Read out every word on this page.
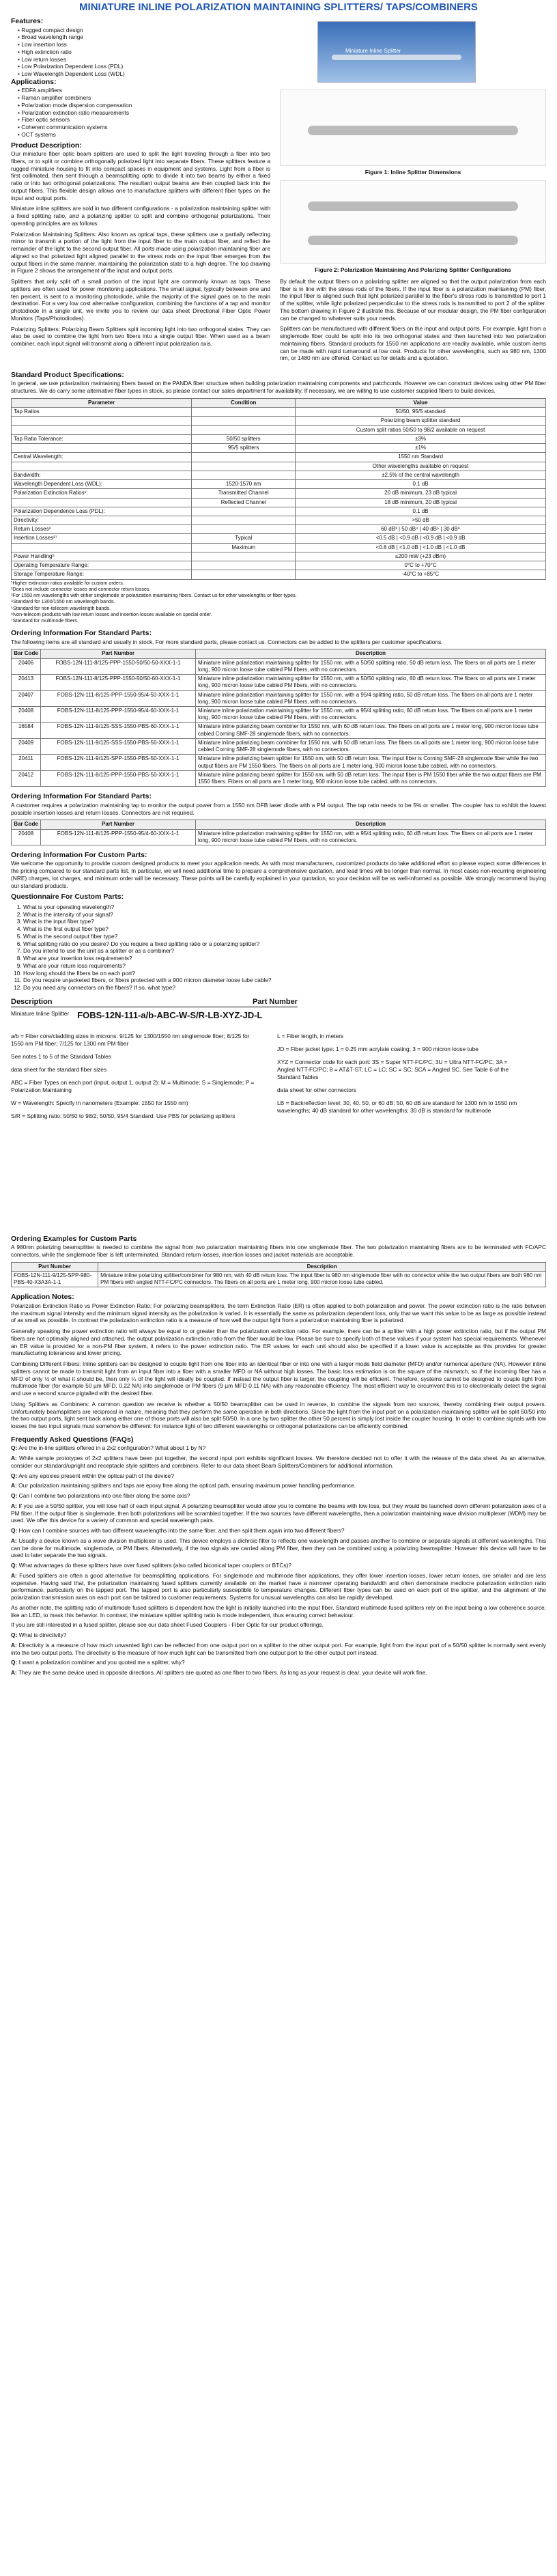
MINIATURE INLINE POLARIZATION MAINTAINING SPLITTERS/ TAPS/COMBINERS
Features:
• Rugged compact design
• Broad wavelength range
• Low insertion loss
• High extinction ratio
• Low return losses
• Low Polarization Dependent Loss (PDL)
• Low Wavelength Dependent Loss (WDL)
Applications:
• EDFA amplifiers
• Raman amplifier combiners
• Polarization mode dispersion compensation
• Polarization extinction ratio measurements
• Fiber optic sensors
• Coherent communication systems
• OCT systems
Product Description:

Our miniature fiber optic beam splitters are used to split the light traveling through a fiber into two fibers, or to split or combine orthogonally polarized light into separate fibers. These splitters feature a rugged miniature housing to fit into compact spaces in equipment and systems. Light from a fiber is first collimated, then sent through a beamsplitting optic to divide it into two beams by either a fixed ratio or into two orthogonal polarizations. The resultant output beams are then coupled back into the output fibers. This flexible design allows one to manufacture splitters with different fiber types on the input and output ports.

Miniature inline splitters are sold in two different configurations - a polarization maintaining splitter with a fixed splitting ratio, and a polarizing splitter to split and combine orthogonal polarizations. Their operating principles are as follows:

Polarization Maintaining Splitters: Also known as optical taps, these splitters use a partially reflecting mirror to transmit a portion of the light from the input fiber to the main output fiber, and reflect the remainder of the light to the second output fiber. All ports made using polarization maintaining fiber are aligned so that polarized light aligned parallel to the stress rods on the input fiber emerges from the output fibers in the same manner, maintaining the polarization state to a high degree. The top drawing in Figure 2 shows the arrangement of the input and output ports.

Splitters that only split off a small portion of the input light are commonly known as taps. These splitters are often used for power monitoring applications. The small signal, typically between one and ten percent, is sent to a monitoring photodiode, while the majority of the signal goes on to the main destination. For a very low cost alternative configuration, combining the functions of a tap and monitor photodiode in a single unit, we invite you to review our data sheet Directional Fiber Optic Power Monitors (Taps/Photodiodes).

Polarizing Splitters: Polarizing Beam Splitters split incoming light into two orthogonal states. They can also be used to combine the light from two fibers into a single output fiber. When used as a beam combiner, each input signal will transmit along a different input polarization axis.

Miniature Inline Splitter
Figure 1: Inline Splitter Dimensions
Figure 2: Polarization Maintaining And Polarizing Splitter Configurations

By default the output fibers on a polarizing splitter are aligned so that the output polarization from each fiber is in line with the stress rods of the fibers. If the input fiber is a polarization maintaining (PM) fiber, the input fiber is aligned such that light polarized parallel to the fiber's stress rods is transmitted to port 1 of the splitter, while light polarized perpendicular to the stress rods is transmitted to port 2 of the splitter. The bottom drawing in Figure 2 illustrate this. Because of our modular design, the PM fiber configuration can be changed to whatever suits your needs.

Splitters can be manufactured with different fibers on the input and output ports. For example, light from a singlemode fiber could be split into its two orthogonal states and then launched into two polarization maintaining fibers. Standard products for 1550 nm applications are readily available, while custom items can be made with rapid turnaround at low cost. Products for other wavelengths, such as 980 nm, 1300 nm, or 1480 nm are offered. Contact us for details and a quotation.

Standard Product Specifications:

In general, we use polarization maintaining fibers based on the PANDA fiber structure when building polarization maintaining components and patchcords. However we can construct devices using other PM fiber structures. We do carry some alternative fiber types in stock, so please contact our sales department for availability. If necessary, we are willing to use customer supplied fibers to build devices.

Parameter	Condition	Value
Tap Ratios		50/50, 95/5 standard
		Polarizing beam splitter standard
		Custom split ratios 50/50 to 98/2 available on request
Tap Ratio Tolerance:	50/50 splitters	±3%
	95/5 splitters	±1%
Central Wavelength:		1550 nm Standard
		Other wavelengths available on request
Bandwidth:		±2.5% of the central wavelength
Wavelength Dependent Loss (WDL):	1520-1570 nm	0.1 dB
Polarization Extinction Ratios¹:	Transmitted Channel	20 dB minimum, 23 dB typical
	Reflected Channel	18 dB minimum, 20 dB typical
Polarization Dependence Loss (PDL):		0.1 dB
Directivity:		>50 dB
Return Losses²		60 dB³ | 50 dB⁴ | 40 dB⁵ | 30 dB⁶
Insertion Losses²⁷	Typical	<0.5 dB | <0.9 dB | <0.9 dB | <0.9 dB
	Maximum	<0.8 dB | <1.0 dB | <1.0 dB | <1.0 dB
Power Handling⁸		≤200 mW (+23 dBm)
Operating Temperature Range:		0°C to +70°C
Storage Temperature Range:		-40°C to +85°C
¹Higher extinction ratios available for custom orders.
²Does not include connector losses and connector return losses.
³For 1550 nm wavelengths with either singlemode or polarization maintaining fibers. Contact us for other wavelengths or fiber types.
⁴Standard for 1300/1550 nm wavelength bands.
⁵Standard for non-telecom wavelength bands.
⁶Non-telecom products with low return losses and insertion losses available on special order.
⁷Standard for multimode fibers.
Ordering Information For Standard Parts:

The following items are all standard and usually in stock. For more standard parts, please contact us. Connectors can be added to the splitters per customer specifications.

Bar Code	Part Number	Description
20406	FOBS-12N-111-8/125-PPP-1550-50/50-50-XXX-1-1	Miniature inline polarization maintaining splitter for 1550 nm, with a 50/50 splitting ratio, 50 dB return loss. The fibers on all ports are 1 meter long, 900 micron loose tube cabled PM fibers, with no connectors.
20413	FOBS-12N-111-8/125-PPP-1550-50/50-60-XXX-1-1	Miniature inline polarization maintaining splitter for 1550 nm, with a 50/50 splitting ratio, 60 dB return loss. The fibers on all ports are 1 meter long, 900 micron loose tube cabled PM fibers, with no connectors.
20407	FOBS-12N-111-8/125-PPP-1550-95/4-50-XXX-1-1	Miniature inline polarization maintaining splitter for 1550 nm, with a 95/4 splitting ratio, 50 dB return loss. The fibers on all ports are 1 meter long, 900 micron loose tube cabled PM fibers, with no connectors.
20408	FOBS-12N-111-8/125-PPP-1550-95/4-60-XXX-1-1	Miniature inline polarization maintaining splitter for 1550 nm, with a 95/4 splitting ratio, 60 dB return loss. The fibers on all ports are 1 meter long, 900 micron loose tube cabled PM fibers, with no connectors.
16584	FOBS-12N-111-9/125-SSS-1550-PBS-60-XXX-1-1	Miniature inline polarizing beam combiner for 1550 nm, with 60 dB return loss. The fibers on all ports are 1 meter long, 900 micron loose tube cabled Corning SMF-28 singlemode fibers, with no connectors.
20409	FOBS-12N-111-9/125-SSS-1550-PBS-50-XXX-1-1	Miniature inline polarizing beam combiner for 1550 nm, with 50 dB return loss. The fibers on all ports are 1 meter long, 900 micron loose tube cabled Corning SMF-28 singlemode fibers, with no connectors.
20411	FOBS-12N-111-9/125-SPP-1550-PBS-50-XXX-1-1	Miniature inline polarizing beam splitter for 1550 nm, with 50 dB return loss. The input fiber is Corning SMF-28 singlemode fiber while the two output fibers are PM 1550 fibers. The fibers on all ports are 1 meter long, 900 micron loose tube cabled, with no connectors.
20412	FOBS-12N-111-8/125-PPP-1550-PBS-50-XXX-1-1	Miniature inline polarizing beam splitter for 1550 nm, with 50 dB return loss. The input fiber is PM 1550 fiber while the two output fibers are PM 1550 fibers. Fibers on all ports are 1 meter long, 900 micron loose tube cabled, with no connectors.
Ordering Information For Standard Parts:

A customer requires a polarization maintaining tap to monitor the output power from a 1550 nm DFB laser diode with a PM output. The tap ratio needs to be 5% or smaller. The coupler has to exhibit the lowest possible insertion losses and return losses. Connectors are not required.

Bar Code	Part Number	Description
20408	FOBS-12N-111-8/125-PPP-1550-95/4-60-XXX-1-1	Miniature inline polarization maintaining splitter for 1550 nm, with a 95/4 splitting ratio, 60 dB return loss. The fibers on all ports are 1 meter long, 900 micron loose tube cabled PM fibers, with no connectors.
Ordering Information For Custom Parts:

We welcome the opportunity to provide custom designed products to meet your application needs. As with most manufacturers, customized products do take additional effort so please expect some differences in the pricing compared to our standard parts list. In particular, we will need additional time to prepare a comprehensive quotation, and lead times will be longer than normal. In most cases non-recurring engineering (NRE) charges, lot charges, and minimum order will be necessary. These points will be carefully explained in your quotation, so your decision will be as well-informed as possible. We strongly recommend buying our standard products.

Questionnaire For Custom Parts:
1. What is your operating wavelength?
2. What is the intensity of your signal?
3. What is the input fiber type?
4. What is the first output fiber type?
5. What is the second output fiber type?
6. What splitting ratio do you desire? Do you require a fixed splitting ratio or a polarizing splitter?
7. Do you intend to use the unit as a splitter or as a combiner?
8. What are your insertion loss requirements?
9. What are your return loss requirements?
10. How long should the fibers be on each port?
11. Do you require unjacketed fibers, or fibers protected with a 900 micron diameter loose tube cable?
12. Do you need any connectors on the fibers? If so, what type?
Description	Part Number
Miniature Inline Splitter FOBS-12N-111-a/b-ABC-W-S/R-LB-XYZ-JD-L

a/b = Fiber core/cladding sizes in microns: 9/125 for 1300/1550 nm singlemode fiber; 8/125 for 1550 nm PM fiber; 7/125 for 1300 nm PM fiber

See notes 1 to 5 of the Standard Tables

data sheet for the standard fiber sizes

ABC = Fiber Types on each port (input, output 1, output 2): M = Multimode; S = Singlemode; P = Polarization Maintaining

W = Wavelength: Specify in nanometers (Example: 1550 for 1550 nm)

S/R = Splitting ratio: 50/50 to 98/2; 50/50, 95/4 Standard. Use PBS for polarizing splitters

L = Fiber length, in meters

JD = Fiber jacket type: 1 = 0.25 mm acrylate coating; 3 = 900 micron loose tube

XYZ = Connector code for each port: 3S = Super NTT-FC/PC; 3U = Ultra NTT-FC/PC; 3A = Angled NTT-FC/PC; 8 = AT&T-ST; LC = LC; SC = SC; SCA = Angled SC. See Table 6 of the Standard Tables

data sheet for other connectors

LB = Backreflection level: 30, 40, 50, or 60 dB; 50, 60 dB are standard for 1300 nm to 1550 nm wavelengths; 40 dB standard for other wavelengths; 30 dB is standard for multimode

Ordering Examples for Custom Parts

A 980nm polarizing beamsplitter is needed to combine the signal from two polarization maintaining fibers into one singlemode fiber. The two polarization maintaining fibers are to be terminated with FC/APC connectors, while the singlemode fiber is left unterminated. Standard return losses, insertion losses and jacket materials are acceptable.

Part Number	Description
FOBS-12N-111-9/125-SPP-980-PBS-40-X3A3A-1-1	Miniature inline polarizing splitter/combiner for 980 nm, with 40 dB return loss. The input fiber is 980 nm singlemode fiber with no connector while the two output fibers are both 980 nm PM fibers with angled NTT-FC/PC connectors. The fibers on all ports are 1 meter long, 900 micron loose tube cabled.
Application Notes:

Polarization Extinction Ratio vs Power Extinction Ratio: For polarizing beamsplitters, the term Extinction Ratio (ER) is often applied to both polarization and power. The power extinction ratio is the ratio between the maximum signal intensity and the minimum signal intensity as the polarization is varied. It is essentially the same as polarization dependent loss, only that we want this value to be as large as possible instead of as small as possible. In contrast the polarization extinction ratio is a measure of how well the output light from a polarization maintaining fiber is polarized.

Generally speaking the power extinction ratio will always be equal to or greater than the polarization extinction ratio. For example, there can be a splitter with a high power extinction ratio, but if the output PM fibers are not optimally aligned and attached, the output polarization extinction ratio from the fiber would be low. Please be sure to specify both of these values if your system has special requirements. Whenever an ER value is provided for a non-PM fiber system, it refers to the power extinction ratio. The ER values for each unit should also be specified if a lower value is acceptable as this provides for greater manufacturing tolerances and lower pricing.

Combining Different Fibers: Inline splitters can be designed to couple light from one fiber into an identical fiber or into one with a larger mode field diameter (MFD) and/or numerical aperture (NA). However inline splitters cannot be made to transmit light from an input fiber into a fiber with a smaller MFD or NA without high losses. The basic loss estimation is on the square of the mismatch, so if the incoming fiber has a MFD of only ½ of what it should be, then only ¼ of the light will ideally be coupled. If instead the output fiber is larger, the coupling will be efficient. Therefore, systems cannot be designed to couple light from multimode fiber (for example 50 µm MFD, 0.22 NA) into singlemode or PM fibers (9 µm MFD 0.11 NA) with any reasonable efficiency. The most efficient way to circumvent this is to electronically detect the signal and use a second source pigtailed with the desired fiber.

Using Splitters as Combiners: A common question we receive is whether a 50/50 beamsplitter can be used in reverse, to combine the signals from two sources, thereby combining their output powers. Unfortunately beamsplitters are reciprocal in nature, meaning that they perform the same operation in both directions. Since the light from the input port on a polarization maintaining splitter will be split 50/50 into the two output ports, light sent back along either one of those ports will also be split 50/50. In a one by two splitter the other 50 percent is simply lost inside the coupler housing. In order to combine signals with low losses the two input signals must somehow be different: for instance light of two different wavelengths or orthogonal polarizations can be efficiently combined.

Frequently Asked Questions (FAQs)

Q: Are the in-line splitters offered in a 2x2 configuration? What about 1 by N?

A: While sample prototypes of 2x2 splitters have been put together, the second input port exhibits significant losses. We therefore decided not to offer it with the release of the data sheet. As an alternative, consider our standard/upright and receptacle style splitters and combiners. Refer to our data sheet Beam Splitters/Combiners for additional information.

Q: Are any epoxies present within the optical path of the device?

A: Our polarization maintaining splitters and taps are epoxy free along the optical path, ensuring maximum power handling performance.

Q: Can I combine two polarizations into one fiber along the same axis?

A: If you use a 50/50 splitter, you will lose half of each input signal. A polarizing beamsplitter would allow you to combine the beams with low loss, but they would be launched down different polarization axes of a PM fiber. If the output fiber is singlemode, then both polarizations will be scrambled together. If the two sources have different wavelengths, then a polarization maintaining wave division multiplexer (WDM) may be used. We offer this device for a variety of common and special wavelength pairs.

Q: How can I combine sources with two different wavelengths into the same fiber, and then split them again into two different fibers?

A: Usually a device known as a wave division multiplexer is used. This device employs a dichroic filter to reflects one wavelength and passes another to combine or separate signals at different wavelengths. This can be done for multimode, singlemode, or PM fibers. Alternatively, if the two signals are carried along PM fiber, then they can be combined using a polarizing beamsplitter. However this device will have to be used to later separate the two signals.

Q: What advantages do these splitters have over fused splitters (also called biconical taper couplers or BTCs)?

A: Fused splitters are often a good alternative for beamsplitting applications. For singlemode and multimode fiber applications, they offer lower insertion losses, lower return losses, are smaller and are less expensive. Having said that, the polarization maintaining fused splitters currently available on the market have a narrower operating bandwidth and often demonstrate mediocre polarization extinction ratio performance, particularly on the tapped port. The tapped port is also particularly susceptible to temperature changes. Different fiber types can be used on each port of the splitter, and the alignment of the polarization transmission axes on each port can be tailored to customer requirements. Systems for unusual wavelengths can also be rapidly developed.

As another note, the splitting ratio of multimode fused splitters is dependent how the light is initially launched into the input fiber. Standard multimode fused splitters rely on the input being a low coherence source, like an LED, to mask this behavior. In contrast, the miniature splitter splitting ratio is mode independent, thus ensuring correct behaviour.

If you are still interested in a fused splitter, please see our data sheet Fused Couplers - Fiber Optic for our product offerings.

Q: What is directivity?

A: Directivity is a measure of how much unwanted light can be reflected from one output port on a splitter to the other output port. For example, light from the input port of a 50/50 splitter is normally sent evenly into the two output ports. The directivity is the measure of how much light can be transmitted from one output port to the other output port instead.

Q: I want a polarization combiner and you quoted me a splitter, why?

A: They are the same device used in opposite directions. All splitters are quoted as one fiber to two fibers. As long as your request is clear, your device will work fine.
